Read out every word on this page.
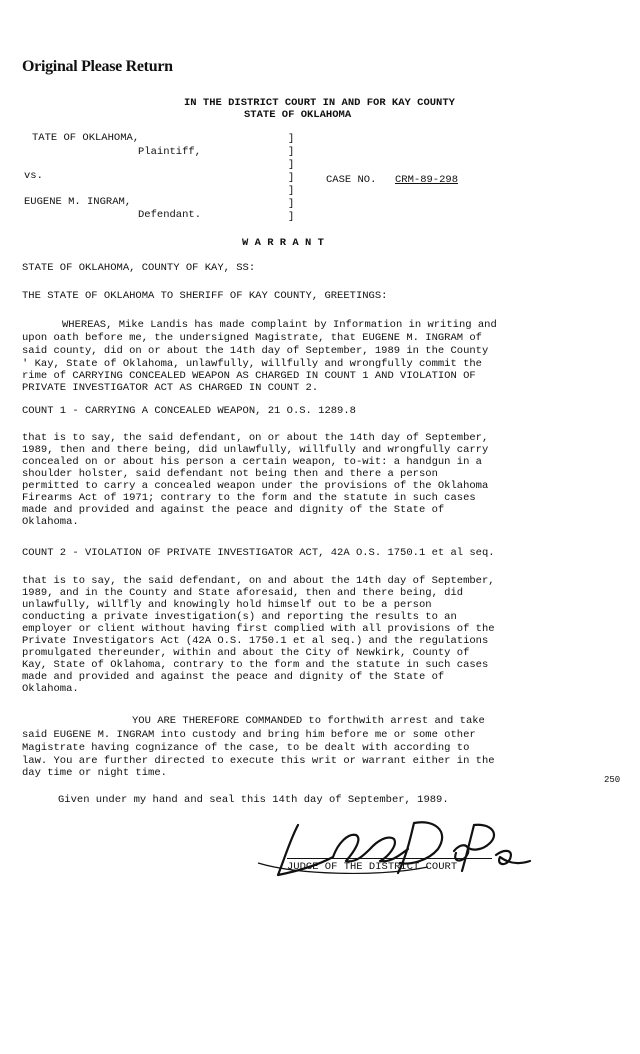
Original Please Return
IN THE DISTRICT COURT IN AND FOR KAY COUNTY
STATE OF OKLAHOMA
TATE OF OKLAHOMA,
Plaintiff,
vs.
EUGENE M. INGRAM,
Defendant.
]
]
]
]
]
]
]
CASE NO. CRM-89-298
W A R R A N T
STATE OF OKLAHOMA, COUNTY OF KAY, SS:
THE STATE OF OKLAHOMA TO SHERIFF OF KAY COUNTY, GREETINGS:
WHEREAS, Mike Landis has made complaint by Information in writing and
upon oath before me, the undersigned Magistrate, that EUGENE M. INGRAM of
said county, did on or about the 14th day of September, 1989 in the County
' Kay, State of Oklahoma, unlawfully, willfully and wrongfully commit the
rime of CARRYING CONCEALED WEAPON AS CHARGED IN COUNT 1 AND VIOLATION OF
PRIVATE INVESTIGATOR ACT AS CHARGED IN COUNT 2.
COUNT 1 - CARRYING A CONCEALED WEAPON, 21 O.S. 1289.8
that is to say, the said defendant, on or about the 14th day of September,
1989, then and there being, did unlawfully, willfully and wrongfully carry
concealed on or about his person a certain weapon, to-wit: a handgun in a
shoulder holster, said defendant not being then and there a person
permitted to carry a concealed weapon under the provisions of the Oklahoma
Firearms Act of 1971; contrary to the form and the statute in such cases
made and provided and against the peace and dignity of the State of
Oklahoma.
COUNT 2 - VIOLATION OF PRIVATE INVESTIGATOR ACT, 42A O.S. 1750.1 et al seq.
that is to say, the said defendant, on and about the 14th day of September,
1989, and in the County and State aforesaid, then and there being, did
unlawfully, willfly and knowingly hold himself out to be a person
conducting a private investigation(s) and reporting the results to an
employer or client without having first complied with all provisions of the
Private Investigators Act (42A O.S. 1750.1 et al seq.) and the regulations
promulgated thereunder, within and about the City of Newkirk, County of
Kay, State of Oklahoma, contrary to the form and the statute in such cases
made and provided and against the peace and dignity of the State of
Oklahoma.
YOU ARE THEREFORE COMMANDED to forthwith arrest and take
said EUGENE M. INGRAM into custody and bring him before me or some other
Magistrate having cognizance of the case, to be dealt with according to
law. You are further directed to execute this writ or warrant either in the
day time or night time.
250
Given under my hand and seal this 14th day of September, 1989.
JUDGE OF THE DISTRICT COURT
